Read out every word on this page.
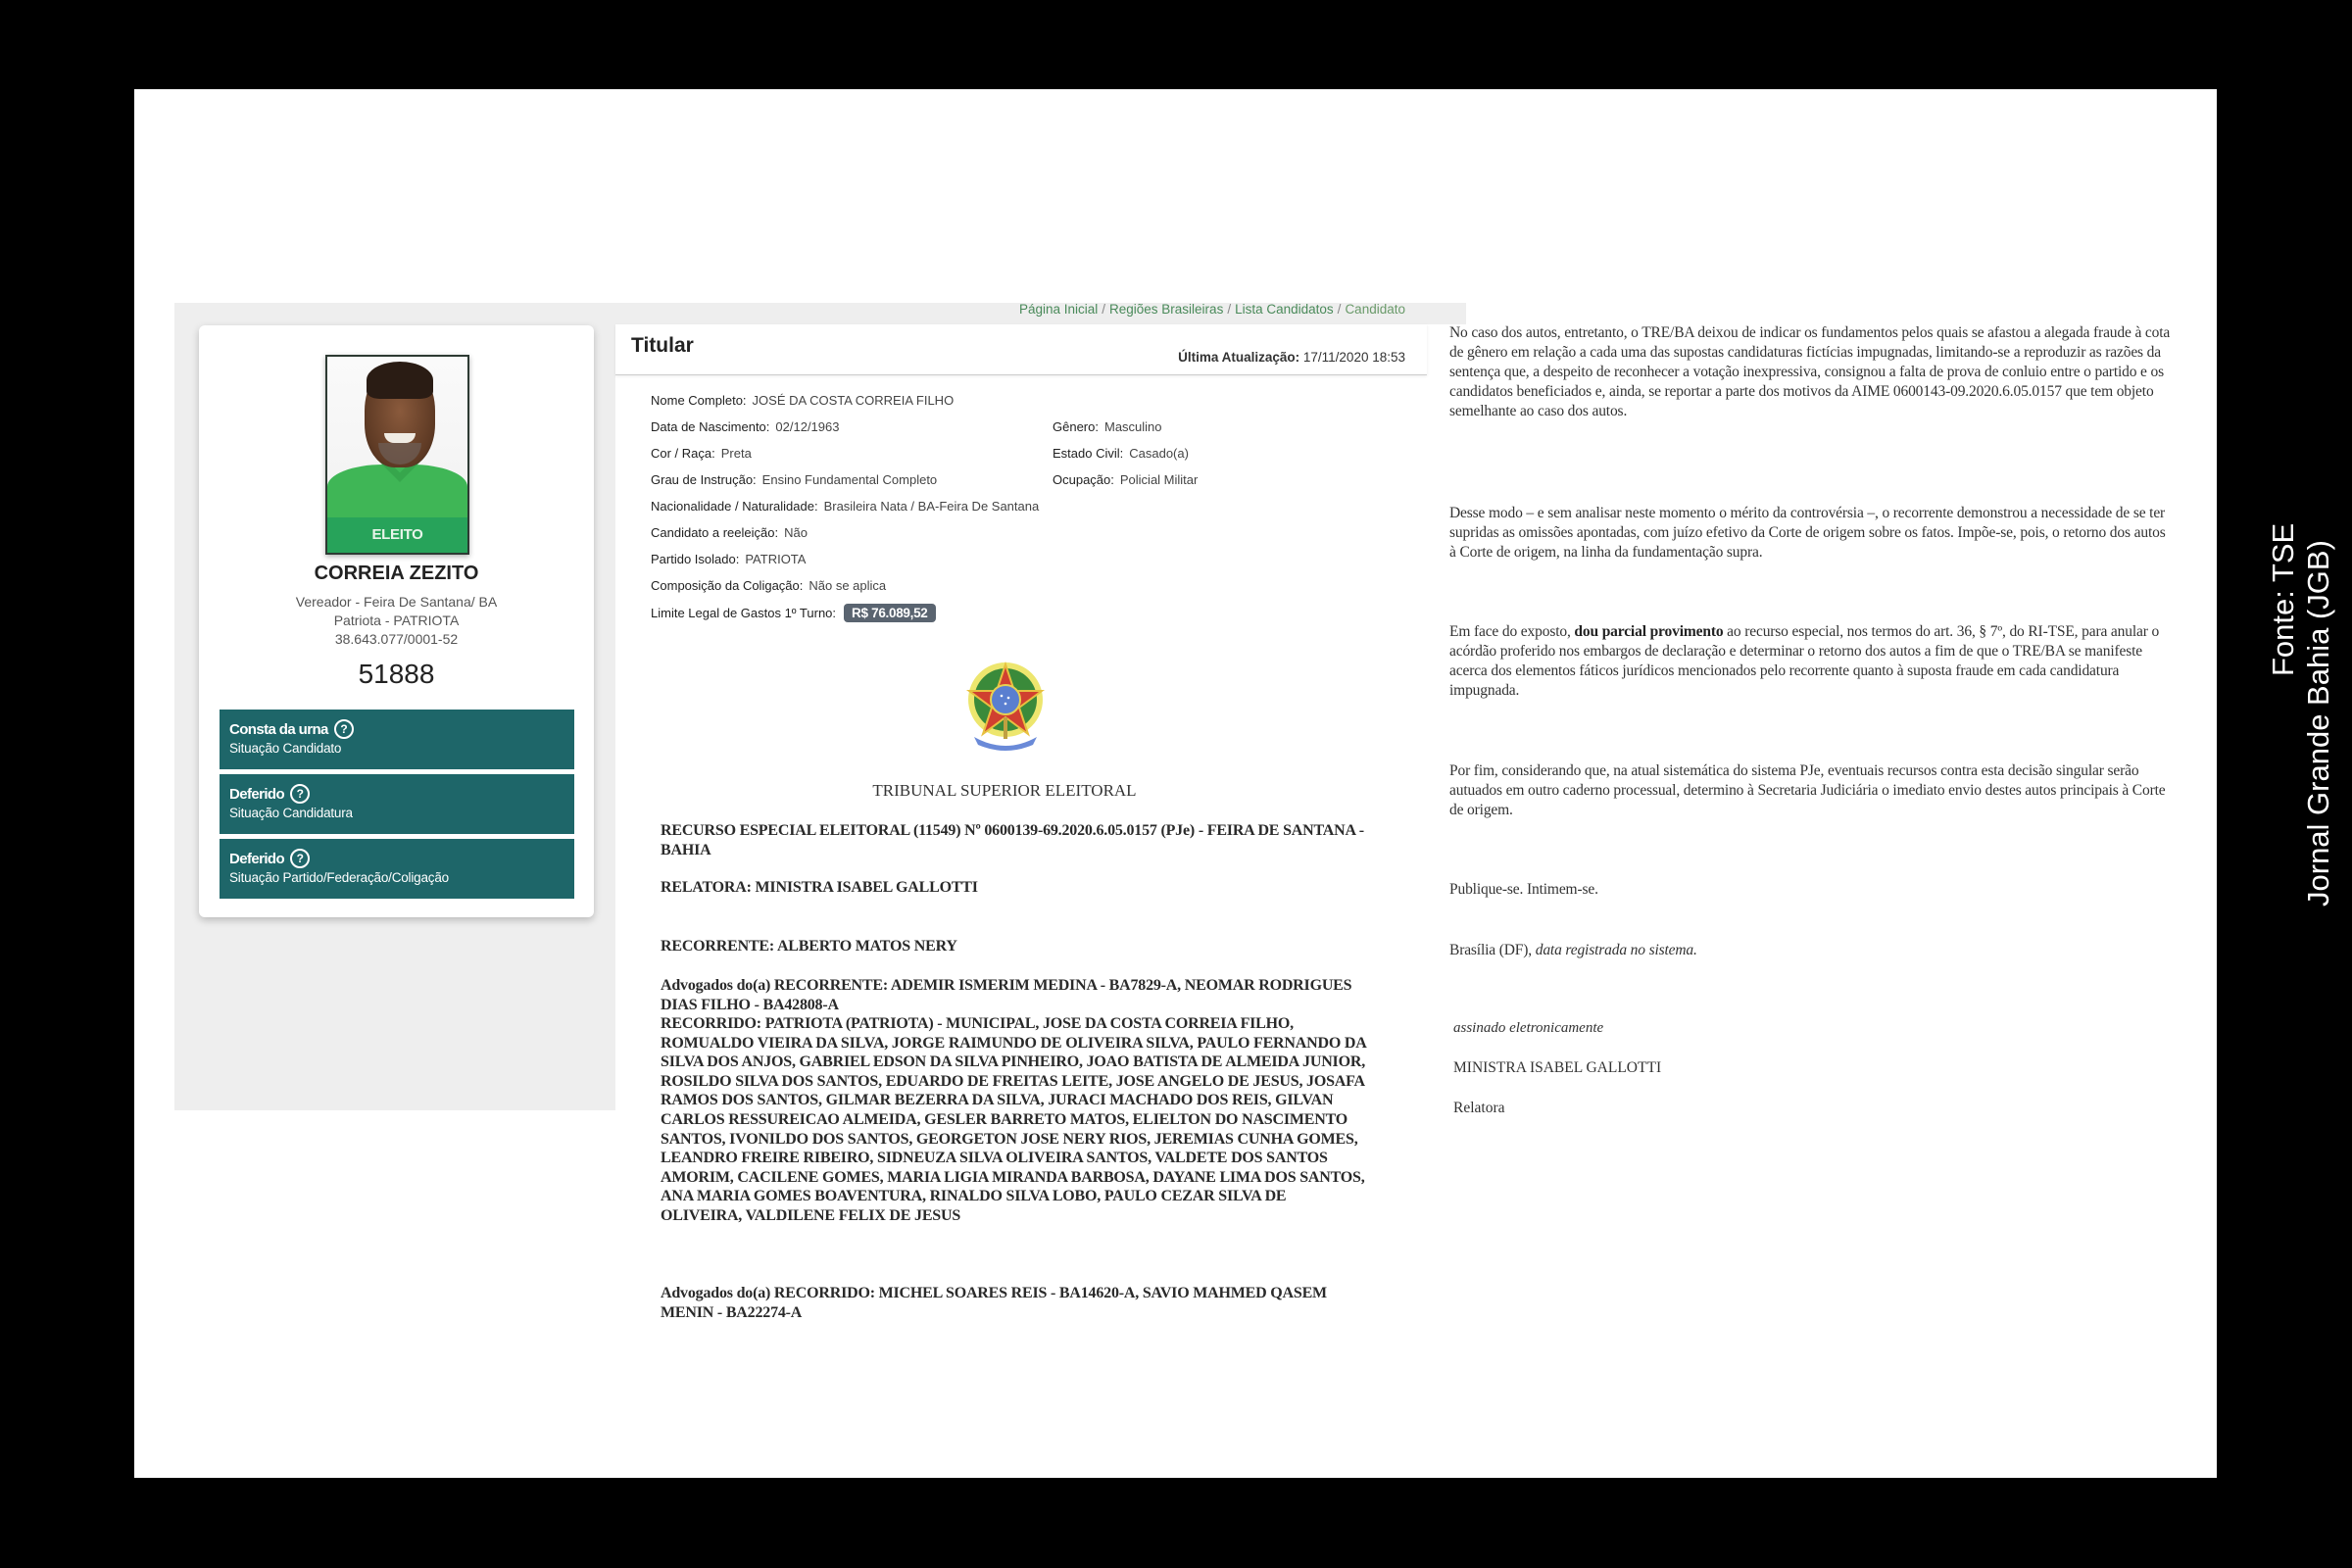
Página Inicial / Regiões Brasileiras / Lista Candidatos / Candidato
ELEITO
CORREIA ZEZITO
Vereador - Feira De Santana/ BA
Patriota - PATRIOTA
38.643.077/0001-52
51888
Consta da urna	?
Situação Candidato
Deferido	?
Situação Candidatura
Deferido	?
Situação Partido/Federação/Coligação
Titular
Última Atualização: 17/11/2020 18:53
Nome Completo: JOSÉ DA COSTA CORREIA FILHO
Data de Nascimento: 02/12/1963	Gênero: Masculino
Cor / Raça: Preta	Estado Civil: Casado(a)
Grau de Instrução: Ensino Fundamental Completo	Ocupação: Policial Militar
Nacionalidade / Naturalidade: Brasileira Nata / BA-Feira De Santana
Candidato a reeleição: Não
Partido Isolado: PATRIOTA
Composição da Coligação: Não se aplica
Limite Legal de Gastos 1º Turno: R$ 76.089,52
TRIBUNAL SUPERIOR ELEITORAL
RECURSO ESPECIAL ELEITORAL (11549) Nº 0600139-69.2020.6.05.0157 (PJe) - FEIRA DE SANTANA - BAHIA
RELATORA: MINISTRA ISABEL GALLOTTI
RECORRENTE: ALBERTO MATOS NERY
Advogados do(a) RECORRENTE: ADEMIR ISMERIM MEDINA - BA7829-A, NEOMAR RODRIGUES DIAS FILHO - BA42808-A
RECORRIDO: PATRIOTA (PATRIOTA) - MUNICIPAL, JOSE DA COSTA CORREIA FILHO, ROMUALDO VIEIRA DA SILVA, JORGE RAIMUNDO DE OLIVEIRA SILVA, PAULO FERNANDO DA SILVA DOS ANJOS, GABRIEL EDSON DA SILVA PINHEIRO, JOAO BATISTA DE ALMEIDA JUNIOR, ROSILDO SILVA DOS SANTOS, EDUARDO DE FREITAS LEITE, JOSE ANGELO DE JESUS, JOSAFA RAMOS DOS SANTOS, GILMAR BEZERRA DA SILVA, JURACI MACHADO DOS REIS, GILVAN CARLOS RESSUREICAO ALMEIDA, GESLER BARRETO MATOS, ELIELTON DO NASCIMENTO SANTOS, IVONILDO DOS SANTOS, GEORGETON JOSE NERY RIOS, JEREMIAS CUNHA GOMES, LEANDRO FREIRE RIBEIRO, SIDNEUZA SILVA OLIVEIRA SANTOS, VALDETE DOS SANTOS AMORIM, CACILENE GOMES, MARIA LIGIA MIRANDA BARBOSA, DAYANE LIMA DOS SANTOS, ANA MARIA GOMES BOAVENTURA, RINALDO SILVA LOBO, PAULO CEZAR SILVA DE OLIVEIRA, VALDILENE FELIX DE JESUS
Advogados do(a) RECORRIDO: MICHEL SOARES REIS - BA14620-A, SAVIO MAHMED QASEM MENIN - BA22274-A
No caso dos autos, entretanto, o TRE/BA deixou de indicar os fundamentos pelos quais se afastou a alegada fraude à cota de gênero em relação a cada uma das supostas candidaturas fictícias impugnadas, limitando-se a reproduzir as razões da sentença que, a despeito de reconhecer a votação inexpressiva, consignou a falta de prova de conluio entre o partido e os candidatos beneficiados e, ainda, se reportar a parte dos motivos da AIME 0600143-09.2020.6.05.0157 que tem objeto semelhante ao caso dos autos.
Desse modo – e sem analisar neste momento o mérito da controvérsia –, o recorrente demonstrou a necessidade de se ter supridas as omissões apontadas, com juízo efetivo da Corte de origem sobre os fatos. Impõe-se, pois, o retorno dos autos à Corte de origem, na linha da fundamentação supra.
Em face do exposto, dou parcial provimento ao recurso especial, nos termos do art. 36, § 7º, do RI-TSE, para anular o acórdão proferido nos embargos de declaração e determinar o retorno dos autos a fim de que o TRE/BA se manifeste acerca dos elementos fáticos jurídicos mencionados pelo recorrente quanto à suposta fraude em cada candidatura impugnada.
Por fim, considerando que, na atual sistemática do sistema PJe, eventuais recursos contra esta decisão singular serão autuados em outro caderno processual, determino à Secretaria Judiciária o imediato envio destes autos principais à Corte de origem.
Publique-se. Intimem-se.
Brasília (DF), data registrada no sistema.
assinado eletronicamente
MINISTRA ISABEL GALLOTTI
Relatora
Fonte: TSE Jornal Grande Bahia (JGB)
